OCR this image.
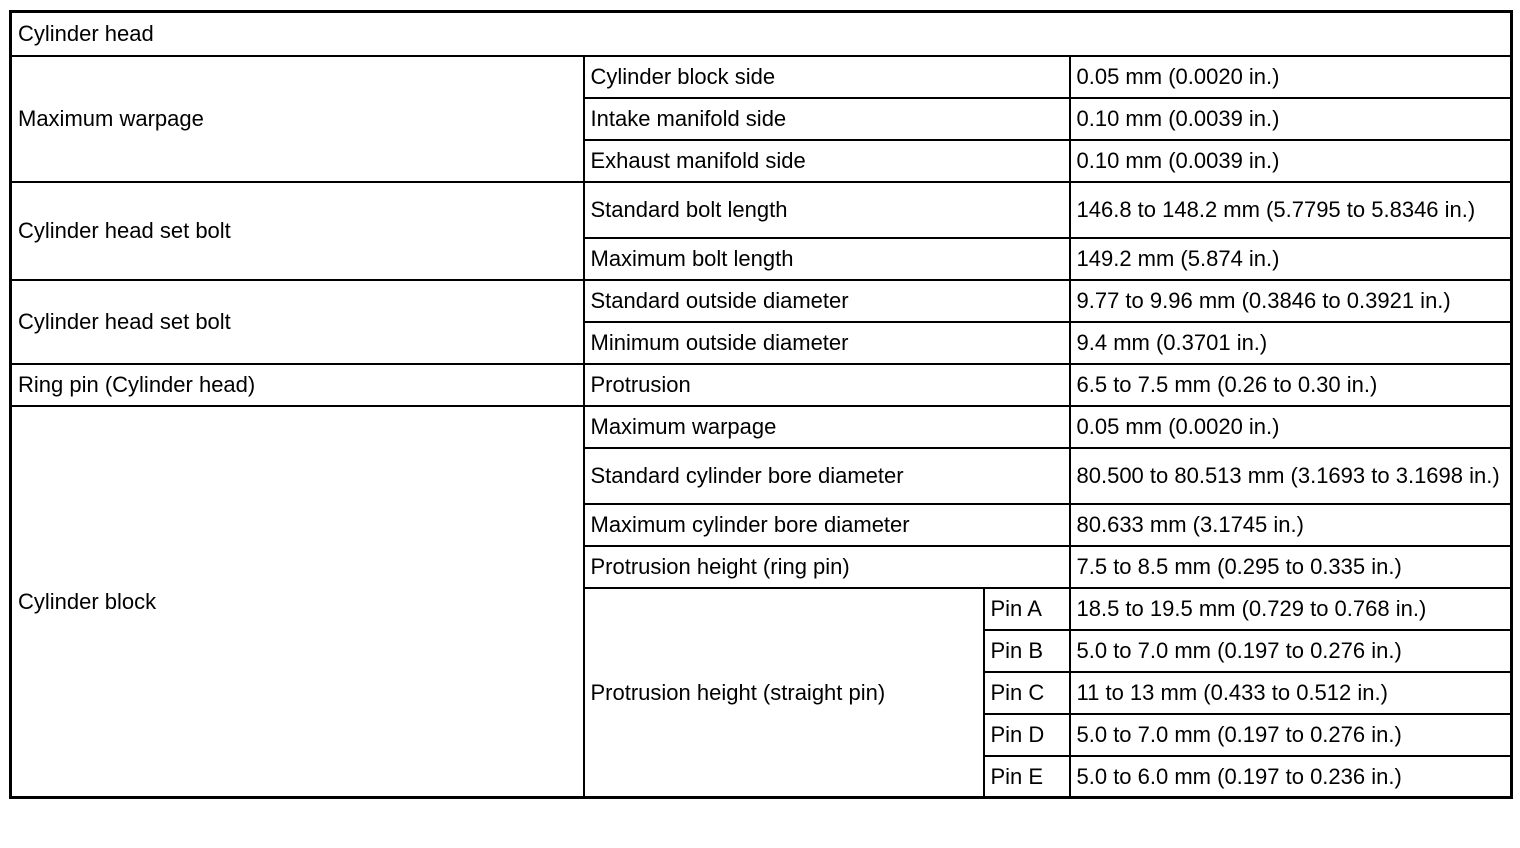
Cylinder head			
Maximum warpage	Cylinder block side		0.05 mm (0.0020 in.)
	Intake manifold side		0.10 mm (0.0039 in.)
	Exhaust manifold side		0.10 mm (0.0039 in.)
Cylinder head set bolt	Standard bolt length		146.8 to 148.2 mm (5.7795 to 5.8346 in.)
	Maximum bolt length		149.2 mm (5.874 in.)
Cylinder head set bolt	Standard outside diameter		9.77 to 9.96 mm (0.3846 to 0.3921 in.)
	Minimum outside diameter		9.4 mm (0.3701 in.)
Ring pin (Cylinder head)	Protrusion		6.5 to 7.5 mm (0.26 to 0.30 in.)
Cylinder block	Maximum warpage		0.05 mm (0.0020 in.)
	Standard cylinder bore diameter		80.500 to 80.513 mm (3.1693 to 3.1698 in.)
	Maximum cylinder bore diameter		80.633 mm (3.1745 in.)
	Protrusion height (ring pin)		7.5 to 8.5 mm (0.295 to 0.335 in.)
	Protrusion height (straight pin)	Pin A	18.5 to 19.5 mm (0.729 to 0.768 in.)
		Pin B	5.0 to 7.0 mm (0.197 to 0.276 in.)
		Pin C	11 to 13 mm (0.433 to 0.512 in.)
		Pin D	5.0 to 7.0 mm (0.197 to 0.276 in.)
		Pin E	5.0 to 6.0 mm (0.197 to 0.236 in.)
